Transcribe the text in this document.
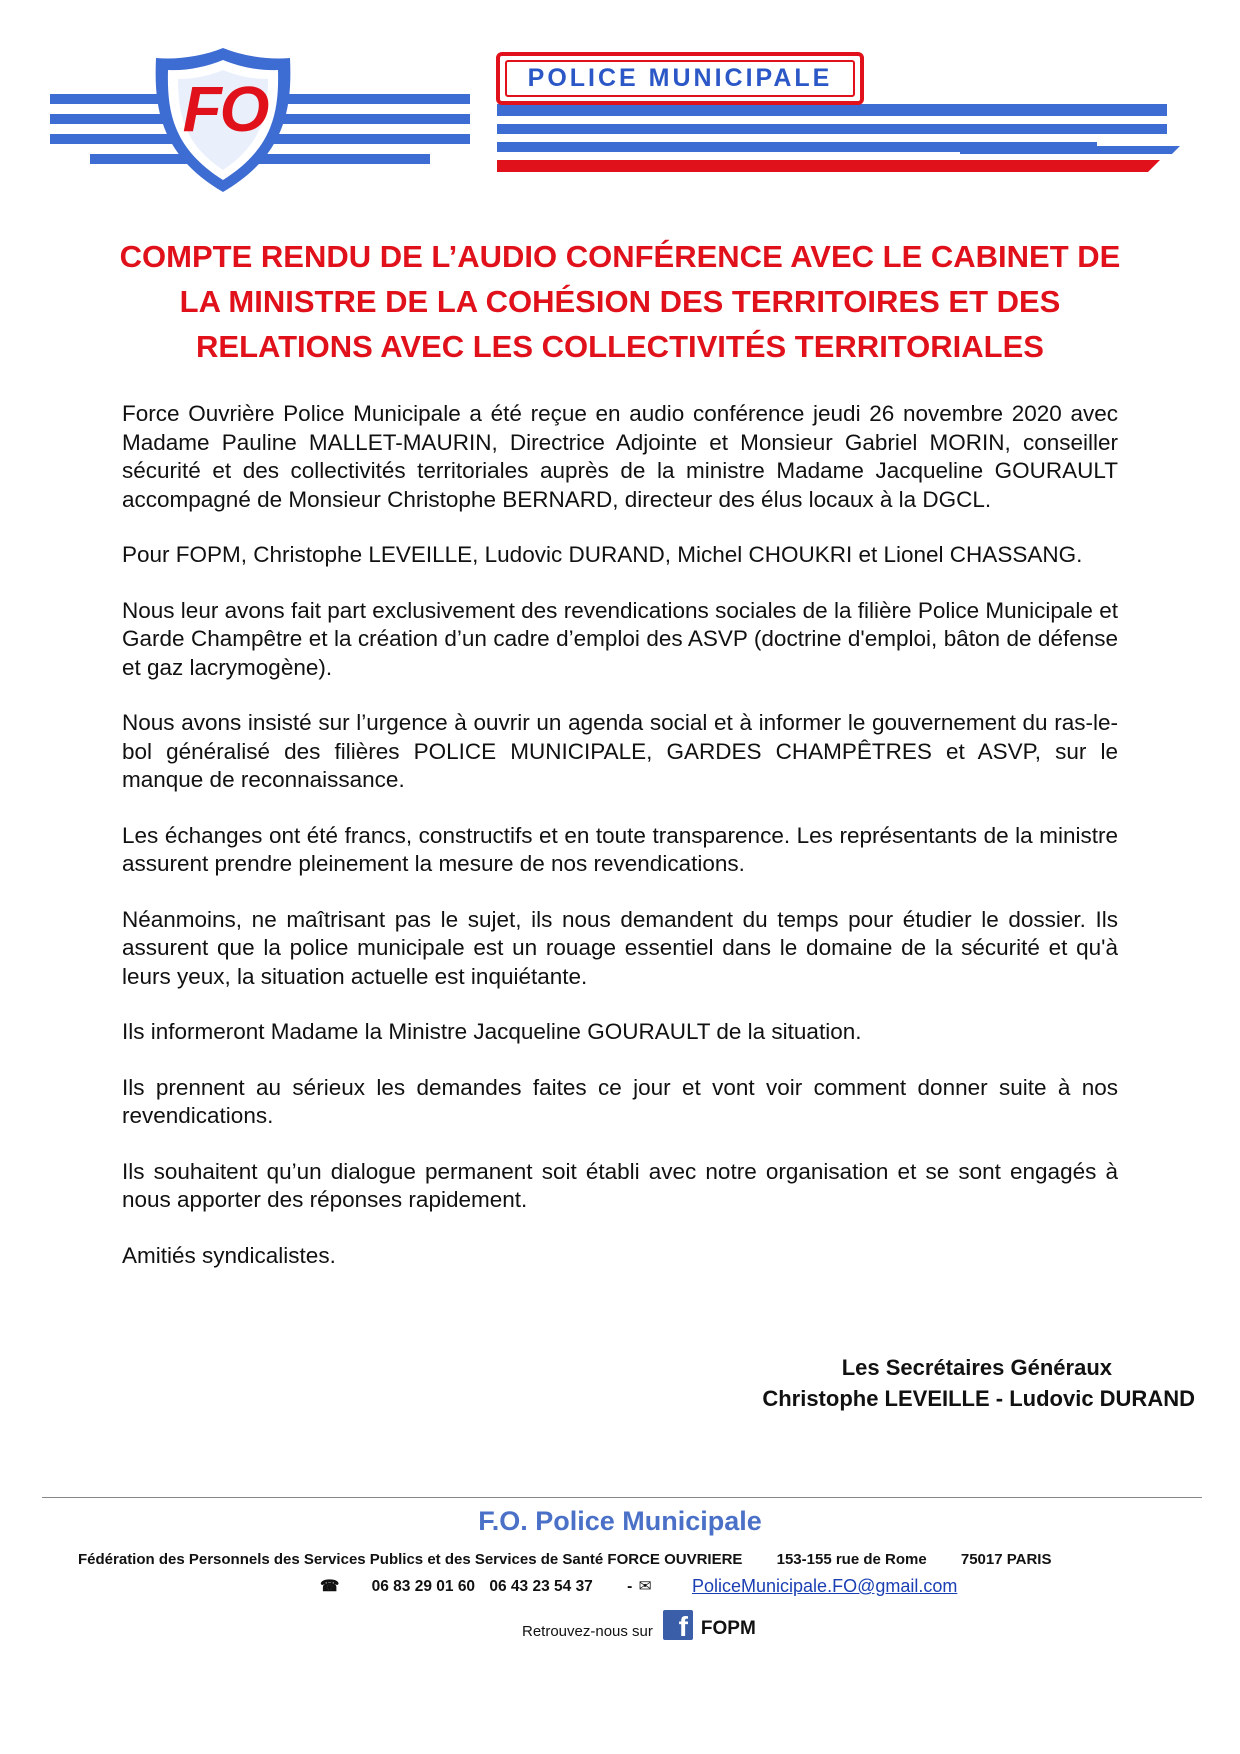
FO	POLICE MUNICIPALE
COMPTE RENDU DE L’AUDIO CONFÉRENCE AVEC LE CABINET DE
LA MINISTRE DE LA COHÉSION DES TERRITOIRES ET DES
RELATIONS AVEC LES COLLECTIVITÉS TERRITORIALES

Force Ouvrière Police Municipale a été reçue en audio conférence jeudi 26 novembre 2020 avec Madame Pauline MALLET-MAURIN, Directrice Adjointe et Monsieur Gabriel MORIN, conseiller sécurité et des collectivités territoriales auprès de la ministre Madame Jacqueline GOURAULT accompagné de Monsieur Christophe BERNARD, directeur des élus locaux à la DGCL.

Pour FOPM, Christophe LEVEILLE, Ludovic DURAND, Michel CHOUKRI et Lionel CHASSANG.

Nous leur avons fait part exclusivement des revendications sociales de la filière Police Municipale et Garde Champêtre et la création d’un cadre d’emploi des ASVP (doctrine d'emploi, bâton de défense et gaz lacrymogène).

Nous avons insisté sur l’urgence à ouvrir un agenda social et à informer le gouvernement du ras-le-bol généralisé des filières POLICE MUNICIPALE, GARDES CHAMPÊTRES et ASVP, sur le manque de reconnaissance.

Les échanges ont été francs, constructifs et en toute transparence. Les représentants de la ministre assurent prendre pleinement la mesure de nos revendications.

Néanmoins, ne maîtrisant pas le sujet, ils nous demandent du temps pour étudier le dossier. Ils assurent que la police municipale est un rouage essentiel dans le domaine de la sécurité et qu'à leurs yeux, la situation actuelle est inquiétante.

Ils informeront Madame la Ministre Jacqueline GOURAULT de la situation.

Ils prennent au sérieux les demandes faites ce jour et vont voir comment donner suite à nos revendications.

Ils souhaitent qu’un dialogue permanent soit établi avec notre organisation et se sont engagés à nous apporter des réponses rapidement.

Amitiés syndicalistes.

Les Secrétaires Généraux
Christophe LEVEILLE - Ludovic DURAND
F.O. Police Municipale
Fédération des Personnels des Services Publics et des Services de Santé FORCE OUVRIERE 153-155 rue de Rome 75017 PARIS
☎ 06 83 29 01 60 06 43 23 54 37 - ✉	PoliceMunicipale.FO@gmail.com
Retrouvez-nous sur f FOPM
